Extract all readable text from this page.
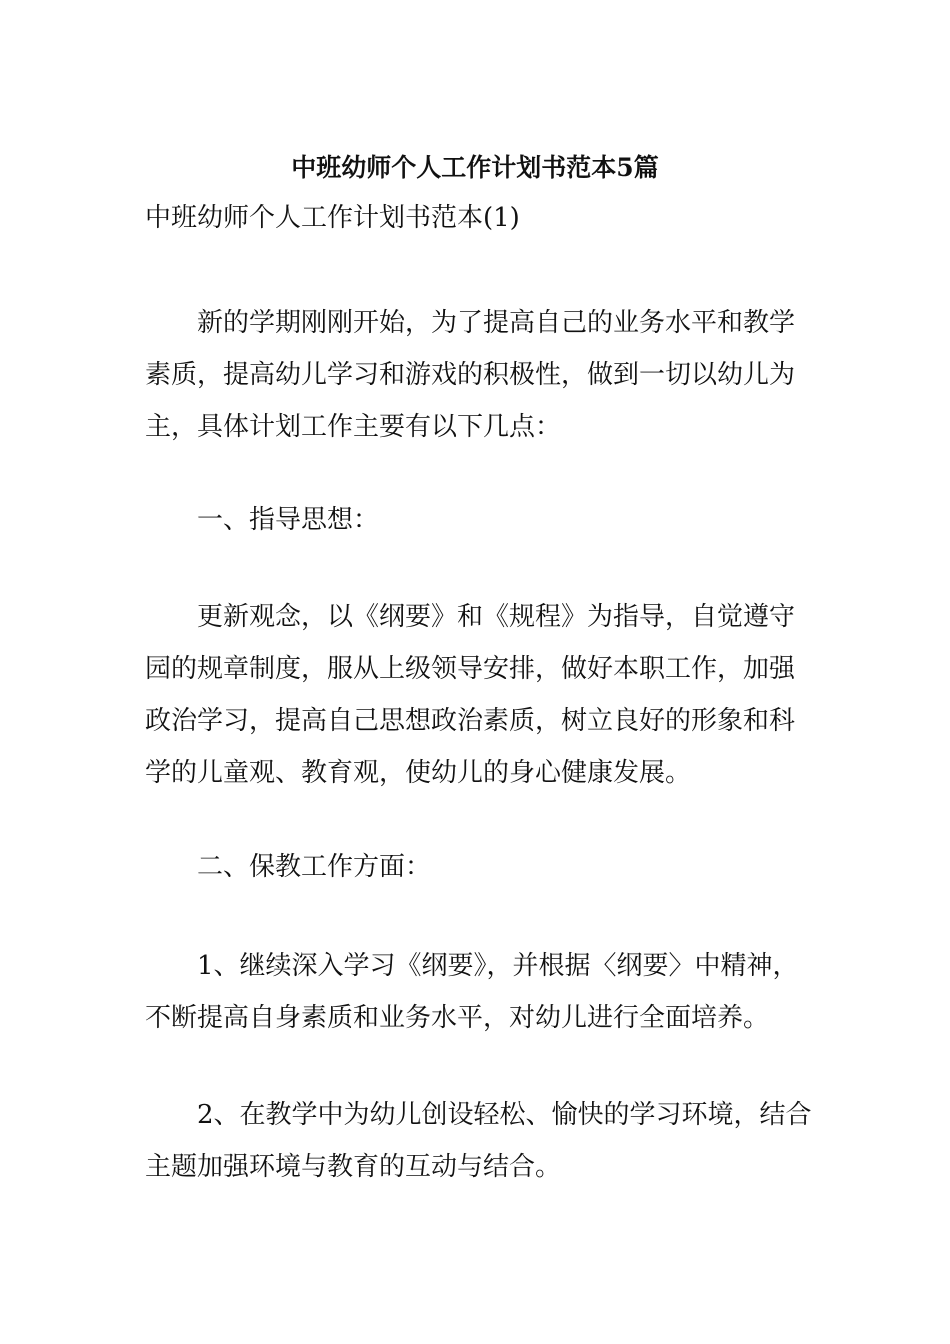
中班幼师个人工作计划书范本5篇

中班幼师个人工作计划书范本(1)

新的学期刚刚开始，为了提高自己的业务水平和教学
素质，提高幼儿学习和游戏的积极性，做到一切以幼儿为
主，具体计划工作主要有以下几点：
一、指导思想：
更新观念，以《纲要》和《规程》为指导，自觉遵守
园的规章制度，服从上级领导安排，做好本职工作，加强
政治学习，提高自己思想政治素质，树立良好的形象和科
学的儿童观、教育观，使幼儿的身心健康发展。
二、保教工作方面：
1、继续深入学习《纲要》，并根据〈纲要〉中精神，
不断提高自身素质和业务水平，对幼儿进行全面培养。
2、在教学中为幼儿创设轻松、愉快的学习环境，结合
主题加强环境与教育的互动与结合。
